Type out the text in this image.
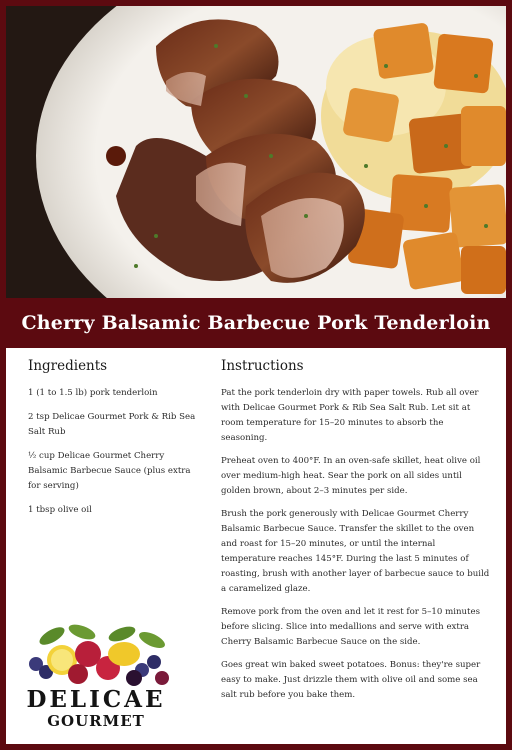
Cherry Balsamic Barbecue Pork Tenderloin
Ingredients

1 (1 to 1.5 lb) pork tenderloin

2 tsp Delicae Gourmet Pork & Rib Sea Salt Rub

½ cup Delicae Gourmet Cherry Balsamic Barbecue Sauce (plus extra for serving)

1 tbsp olive oil

Instructions

Pat the pork tenderloin dry with paper towels. Rub all over with Delicae Gourmet Pork & Rib Sea Salt Rub. Let sit at room temperature for 15–20 minutes to absorb the seasoning.

Preheat oven to 400°F. In an oven-safe skillet, heat olive oil over medium-high heat. Sear the pork on all sides until golden brown, about 2–3 minutes per side.

Brush the pork generously with Delicae Gourmet Cherry Balsamic Barbecue Sauce. Transfer the skillet to the oven and roast for 15–20 minutes, or until the internal temperature reaches 145°F. During the last 5 minutes of roasting, brush with another layer of barbecue sauce to build a caramelized glaze.

Remove pork from the oven and let it rest for 5–10 minutes before slicing. Slice into medallions and serve with extra Cherry Balsamic Barbecue Sauce on the side.

Goes great win baked sweet potatoes. Bonus: they're super easy to make. Just drizzle them with olive oil and some sea salt rub before you bake them.

DELICAE

GOURMET
